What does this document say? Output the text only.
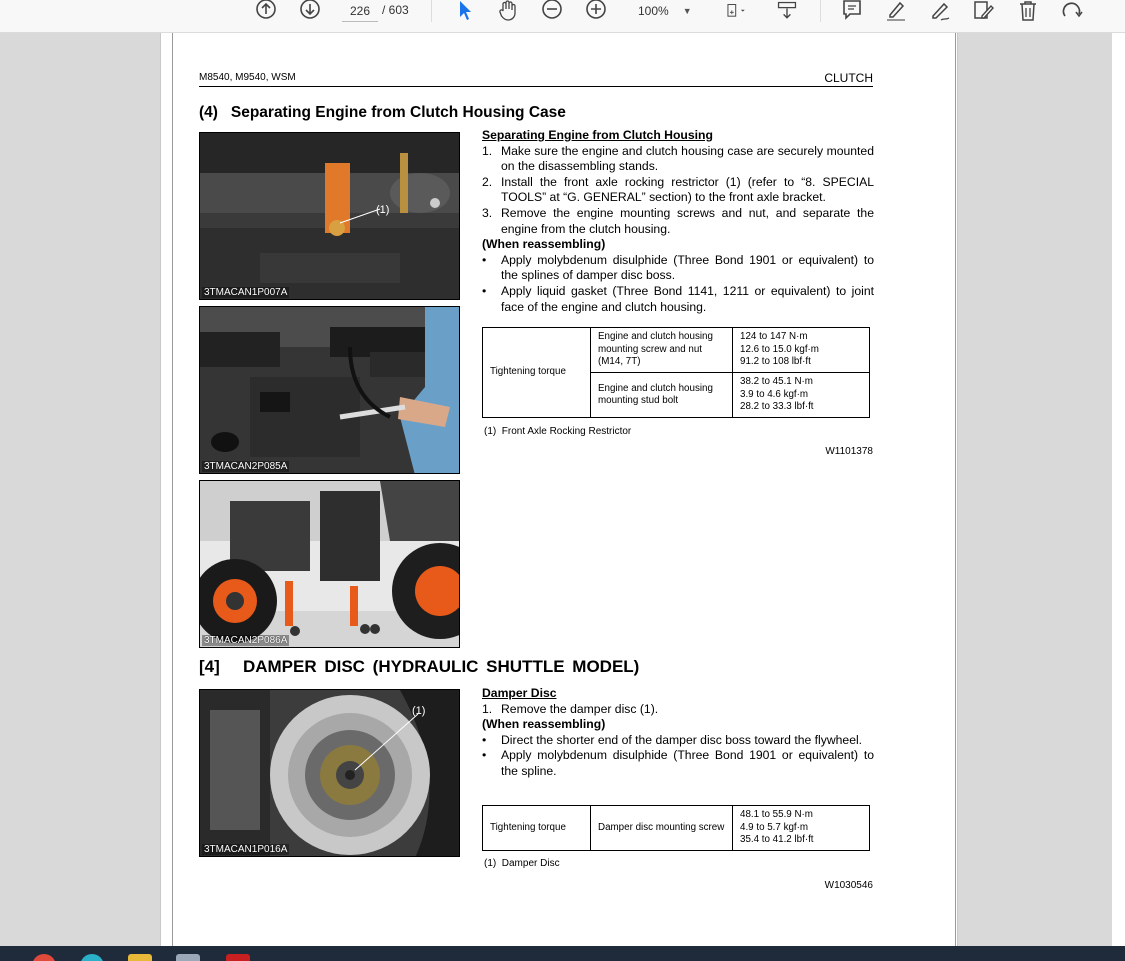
226
/ 603	100% ▼
M8540, M9540, WSM	CLUTCH
(4)   Separating Engine from Clutch Housing Case
(1)
3TMACAN1P007A
3TMACAN2P085A
3TMACAN2P086A
Separating Engine from Clutch Housing
1. Make sure the engine and clutch housing case are securely mounted on the disassembling stands.
2. Install the front axle rocking restrictor (1) (refer to “8. SPECIAL TOOLS” at “G. GENERAL” section) to the front axle bracket.
3. Remove the engine mounting screws and nut, and separate the engine from the clutch housing.
(When reassembling)
•	Apply molybdenum disulphide (Three Bond 1901 or equivalent) to the splines of damper disc boss.
•	Apply liquid gasket (Three Bond 1141, 1211 or equivalent) to joint face of the engine and clutch housing.
Tightening torque	Engine and clutch housing mounting screw and nut (M14, 7T)	124 to 147 N·m
12.6 to 15.0 kgf·m
91.2 to 108 lbf·ft
	Engine and clutch housing mounting stud bolt	38.2 to 45.1 N·m
3.9 to 4.6 kgf·m
28.2 to 33.3 lbf·ft
(1)  Front Axle Rocking Restrictor
W1101378
[4]   DAMPER DISC (HYDRAULIC SHUTTLE MODEL)
(1)
3TMACAN1P016A
Damper Disc
1. Remove the damper disc (1).
(When reassembling)
•	Direct the shorter end of the damper disc boss toward the flywheel.
•	Apply molybdenum disulphide (Three Bond 1901 or equivalent) to the spline.
Tightening torque	Damper disc mounting screw	48.1 to 55.9 N·m
4.9 to 5.7 kgf·m
35.4 to 41.2 lbf·ft
(1)  Damper Disc
W1030546
